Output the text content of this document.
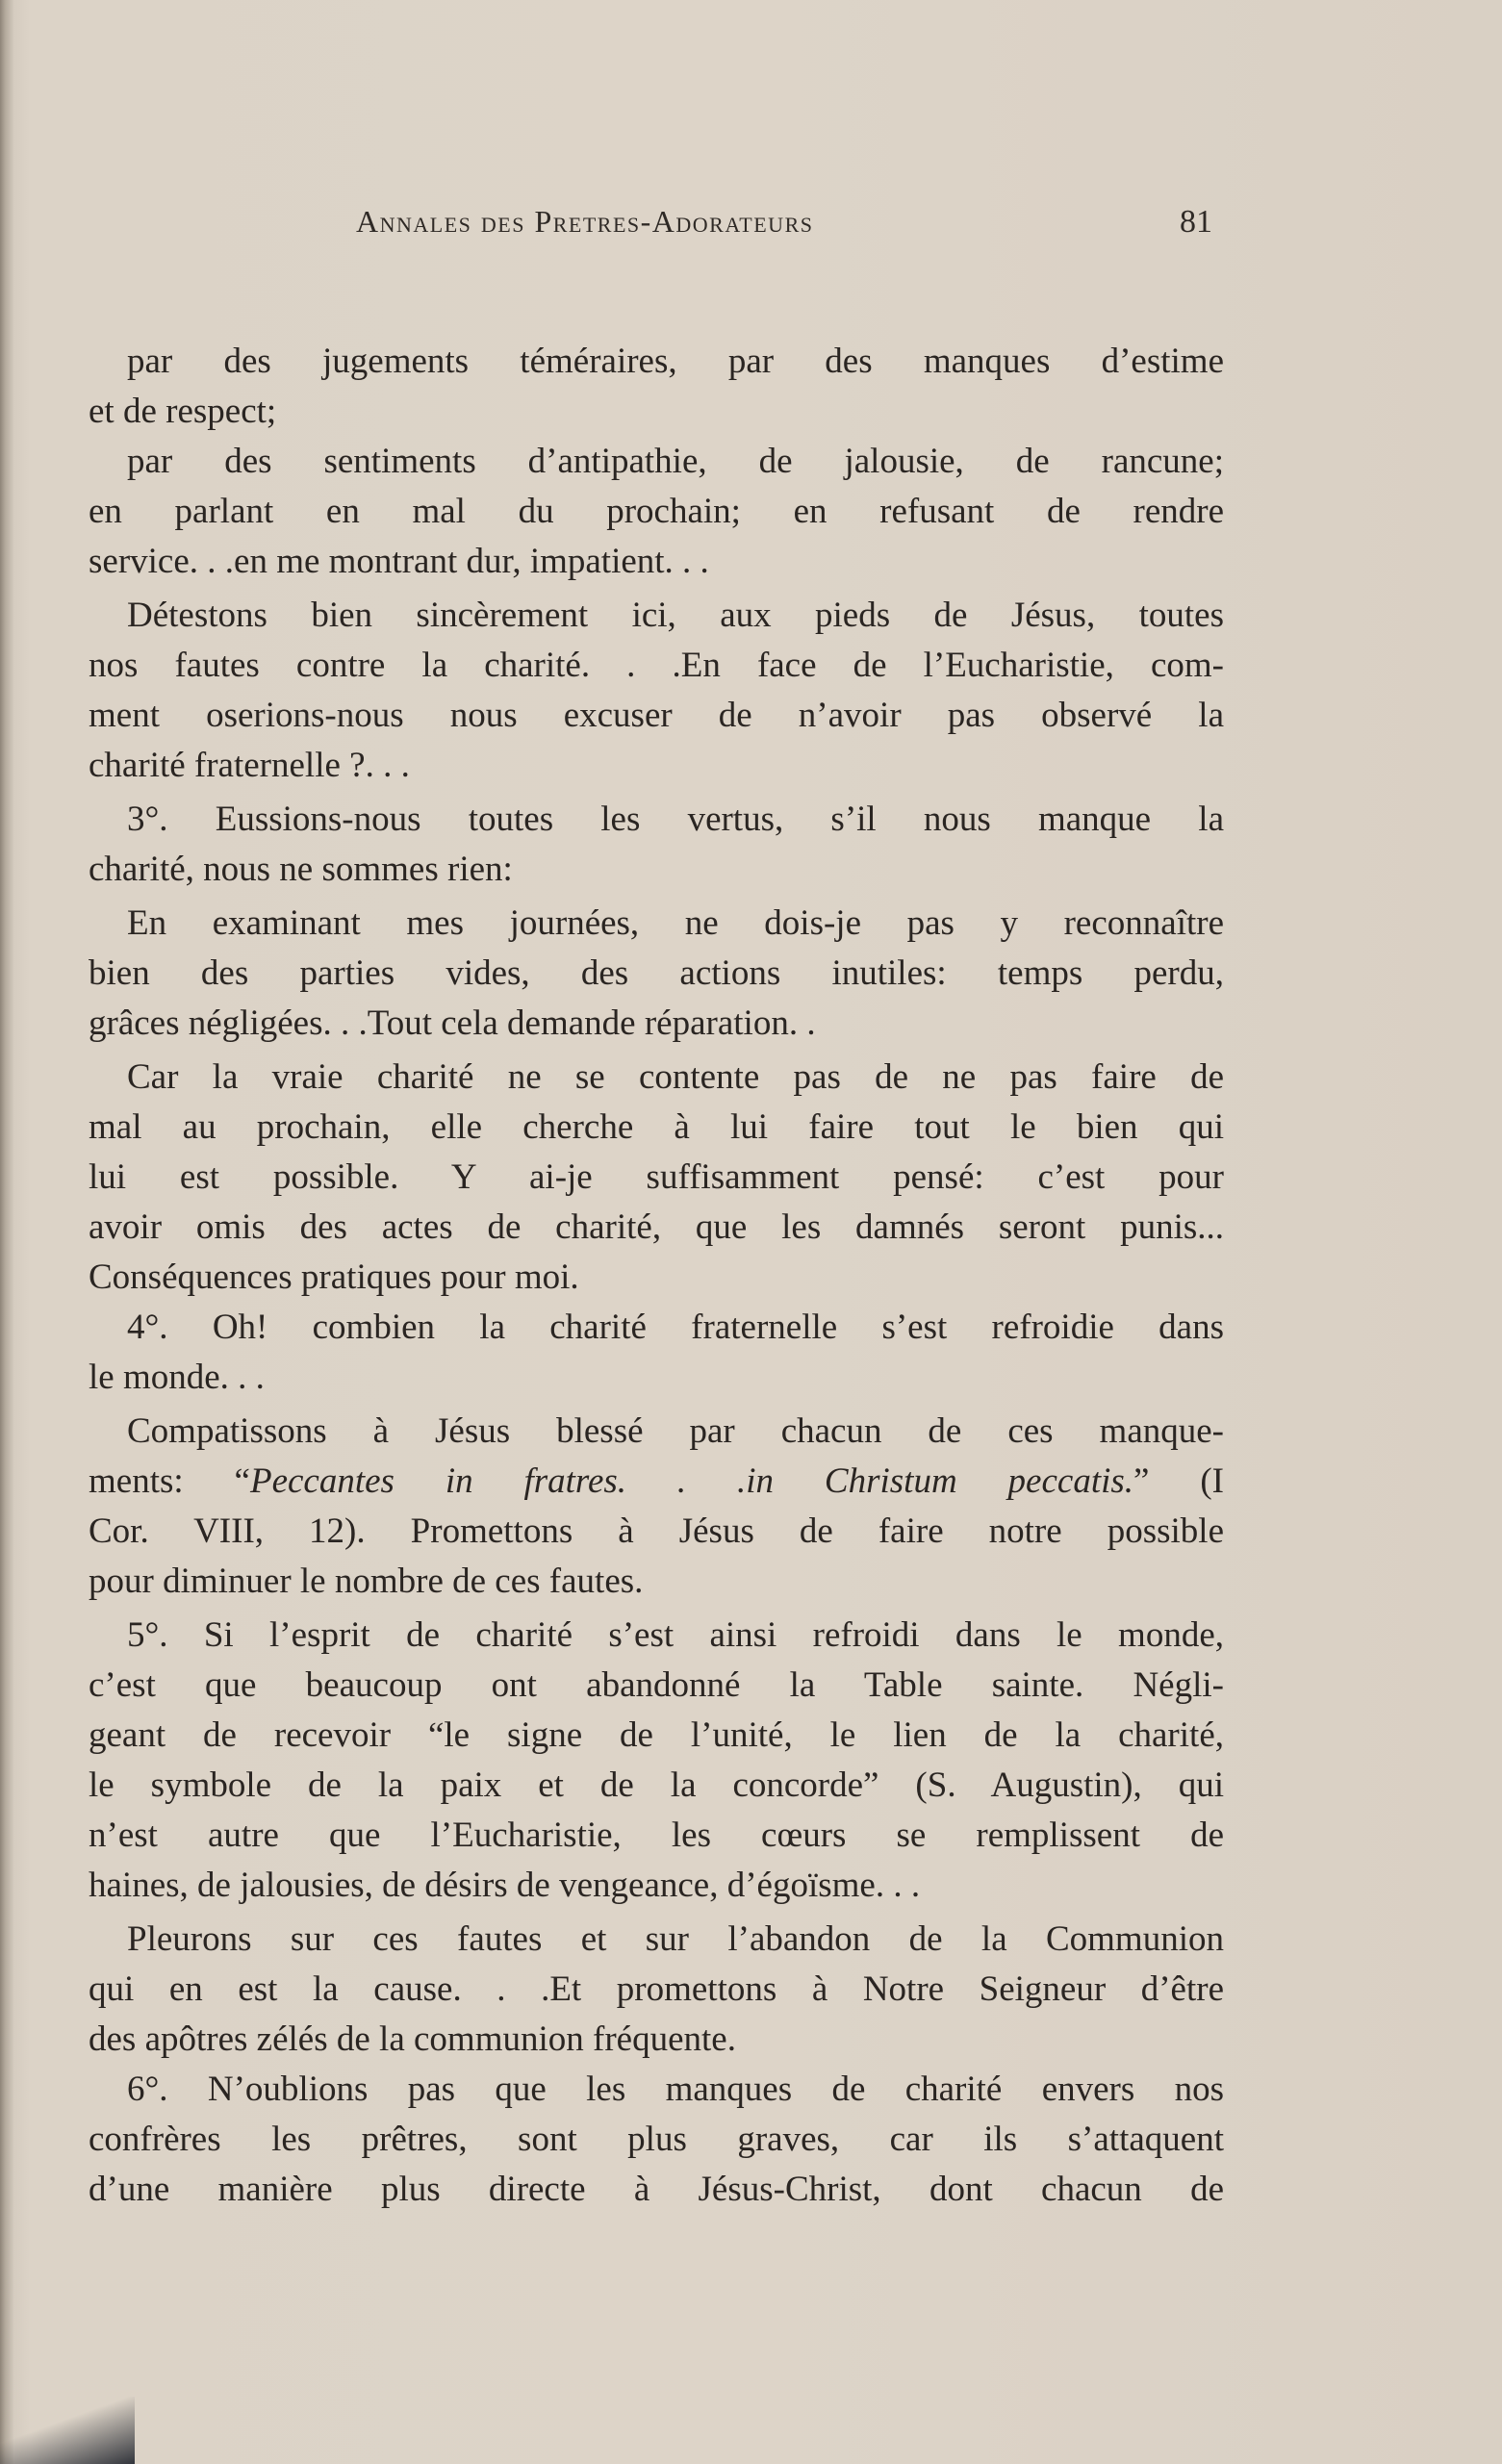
Annales des Pretres-Adorateurs	81
par des jugements téméraires, par des manques d’estime
et de respect;
par des sentiments d’antipathie, de jalousie, de rancune;
en parlant en mal du prochain; en refusant de rendre
service. . .en me montrant dur, impatient. . .
Détestons bien sincèrement ici, aux pieds de Jésus, toutes
nos fautes contre la charité. . .En face de l’Eucharistie, com-
ment oserions-nous nous excuser de n’avoir pas observé la
charité fraternelle ?. . .
3°. Eussions-nous toutes les vertus, s’il nous manque la
charité, nous ne sommes rien:
En examinant mes journées, ne dois-je pas y reconnaître
bien des parties vides, des actions inutiles: temps perdu,
grâces négligées. . .Tout cela demande réparation. .
Car la vraie charité ne se contente pas de ne pas faire de
mal au prochain, elle cherche à lui faire tout le bien qui
lui est possible. Y ai-je suffisamment pensé: c’est pour
avoir omis des actes de charité, que les damnés seront punis...
Conséquences pratiques pour moi.
4°. Oh! combien la charité fraternelle s’est refroidie dans
le monde. . .
Compatissons à Jésus blessé par chacun de ces manque-
ments: “Peccantes in fratres. . .in Christum peccatis.” (I
Cor. VIII, 12). Promettons à Jésus de faire notre possible
pour diminuer le nombre de ces fautes.
5°. Si l’esprit de charité s’est ainsi refroidi dans le monde,
c’est que beaucoup ont abandonné la Table sainte. Négli-
geant de recevoir “le signe de l’unité, le lien de la charité,
le symbole de la paix et de la concorde” (S. Augustin), qui
n’est autre que l’Eucharistie, les cœurs se remplissent de
haines, de jalousies, de désirs de vengeance, d’égoïsme. . .
Pleurons sur ces fautes et sur l’abandon de la Communion
qui en est la cause. . .Et promettons à Notre Seigneur d’être
des apôtres zélés de la communion fréquente.
6°. N’oublions pas que les manques de charité envers nos
confrères les prêtres, sont plus graves, car ils s’attaquent
d’une manière plus directe à Jésus-Christ, dont chacun de
